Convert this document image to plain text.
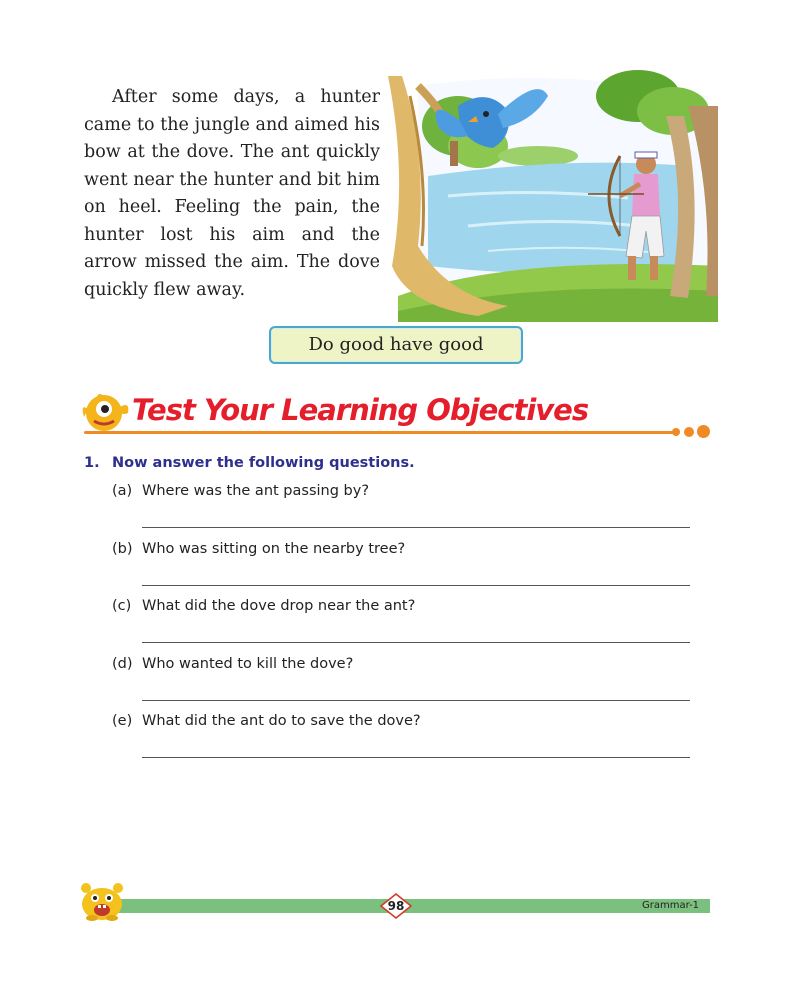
After some days, a hunter came to the jungle and aimed his bow at the dove. The ant quickly went near the hunter and bit him on heel. Feeling the pain, the hunter lost his aim and the arrow missed the aim. The dove quickly flew away.

Do good have good
Test Your Learning Objectives
1. Now answer the following questions.
(a) Where was the ant passing by?
(b) Who was sitting on the nearby tree?
(c) What did the dove drop near the ant?
(d) Who wanted to kill the dove?
(e) What did the ant do to save the dove?
98	Grammar-1
